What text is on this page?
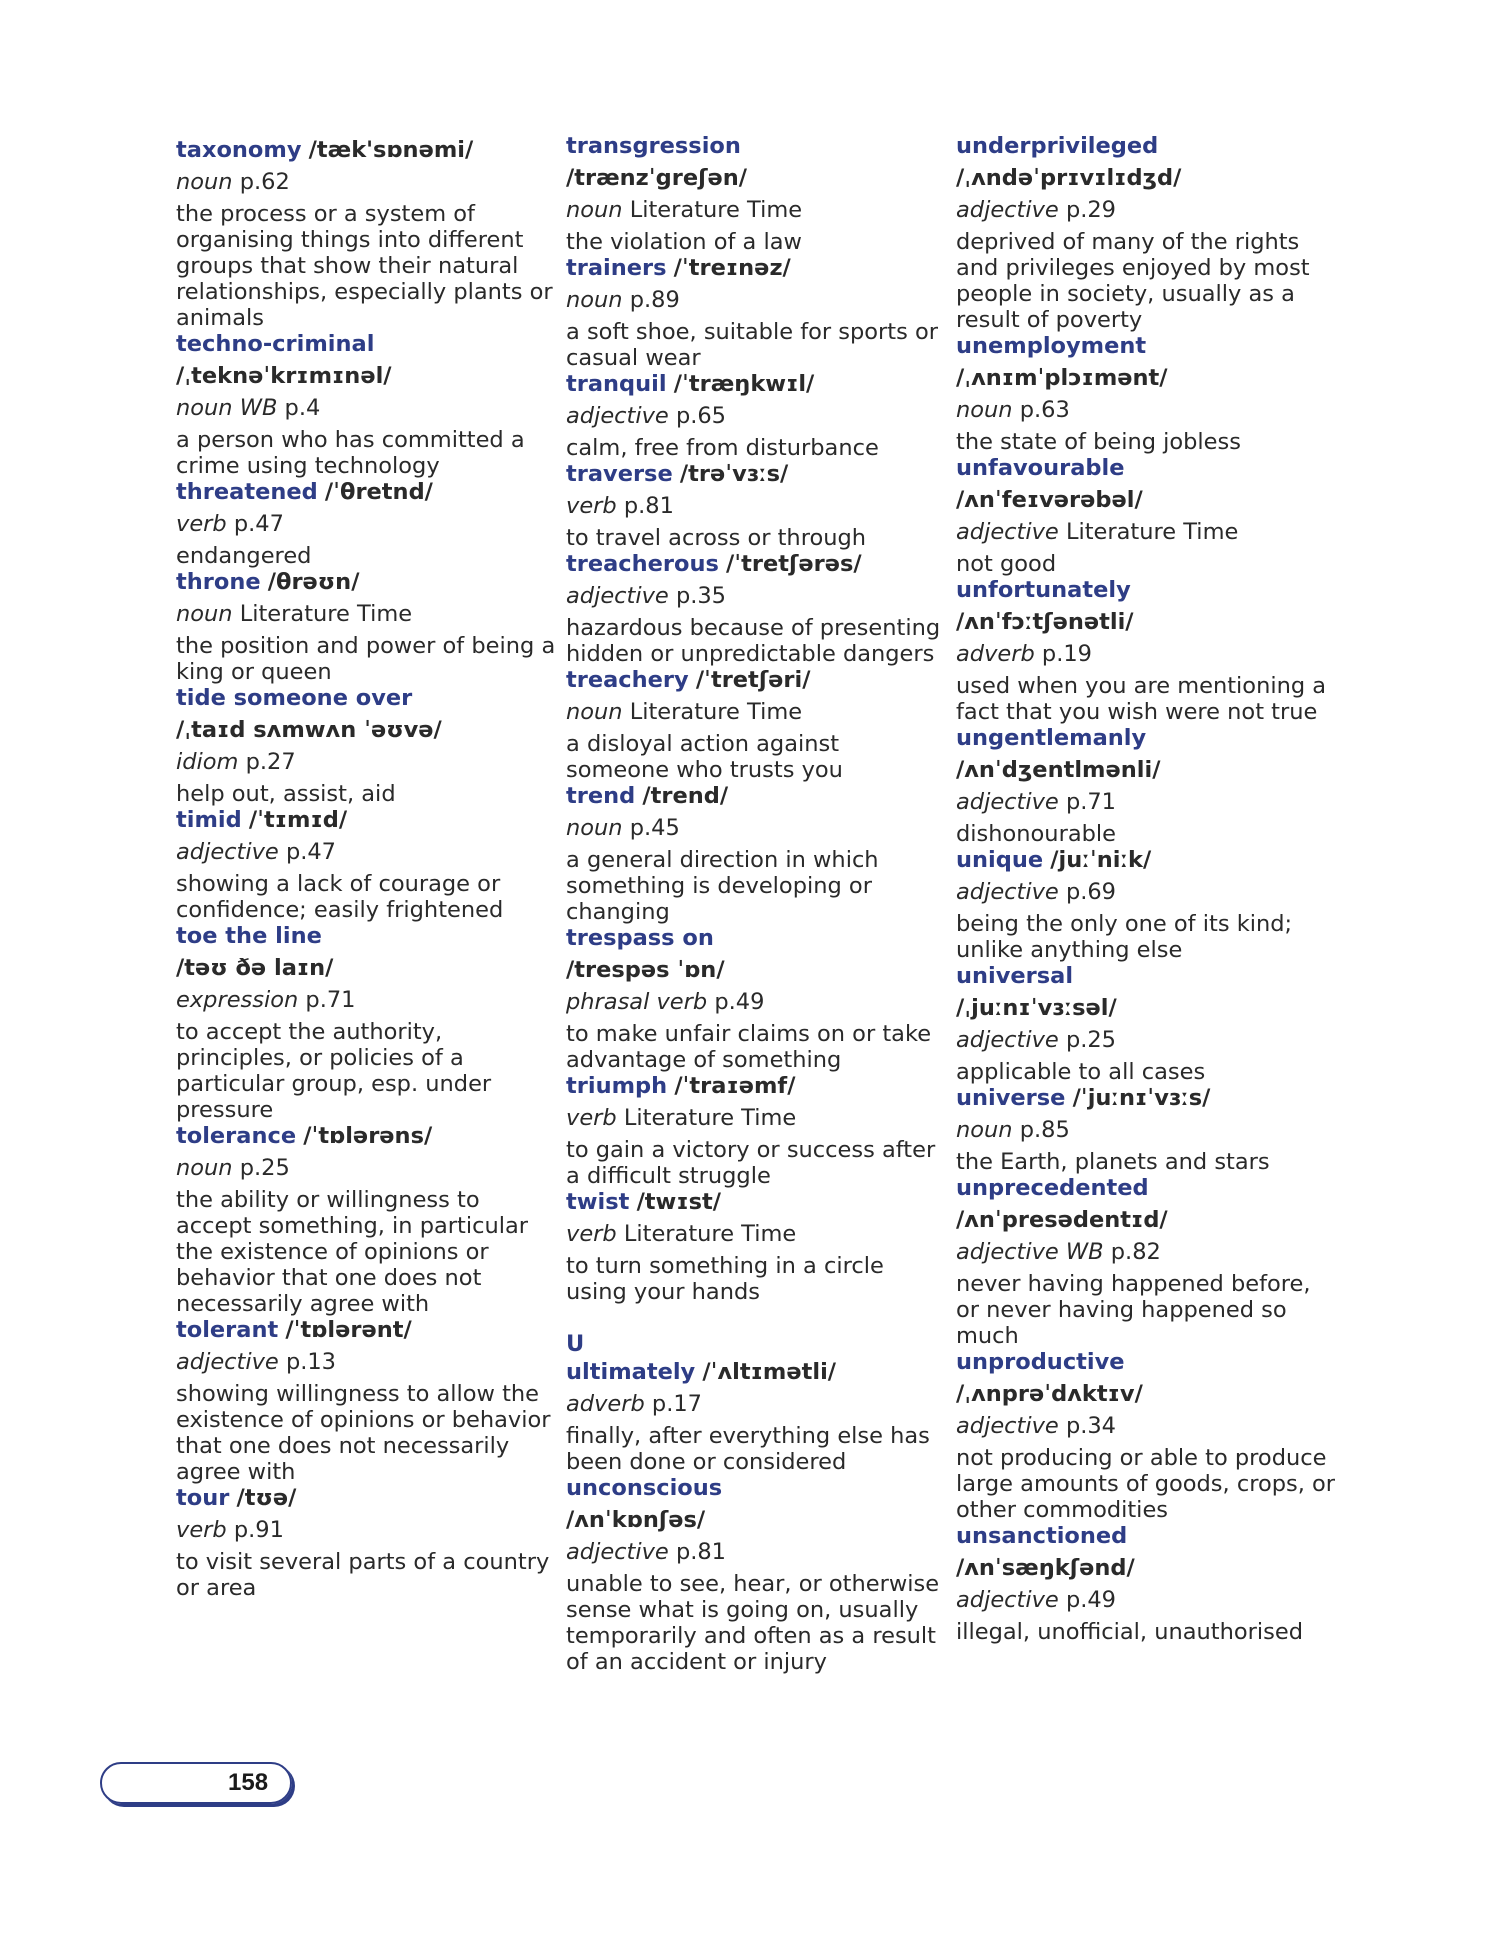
taxonomy /tæk'sɒnəmi/
noun p.62
the process or a system of organising things into different groups that show their natural relationships, especially plants or animals
techno-criminal
/ˌteknəˈkrɪmɪnəl/
noun WB p.4
a person who has committed a crime using technology
threatened /ˈθretnd/
verb p.47
endangered
throne /θrəʊn/
noun Literature Time
the position and power of being a king or queen
tide someone over
/ˌtaɪd sʌmwʌn ˈəʊvə/
idiom p.27
help out, assist, aid
timid /ˈtɪmɪd/
adjective p.47
showing a lack of courage or confidence; easily frightened
toe the line
/təʊ ðə laɪn/
expression p.71
to accept the authority, principles, or policies of a particular group, esp. under pressure
tolerance /ˈtɒlərəns/
noun p.25
the ability or willingness to accept something, in particular the existence of opinions or behavior that one does not necessarily agree with
tolerant /ˈtɒlərənt/
adjective p.13
showing willingness to allow the existence of opinions or behavior that one does not necessarily agree with
tour /tʊə/
verb p.91
to visit several parts of a country or area
transgression
/trænzˈgreʃən/
noun Literature Time
the violation of a law
trainers /ˈtreɪnəz/
noun p.89
a soft shoe, suitable for sports or casual wear
tranquil /ˈtræŋkwɪl/
adjective p.65
calm, free from disturbance
traverse /trəˈvɜːs/
verb p.81
to travel across or through
treacherous /ˈtretʃərəs/
adjective p.35
hazardous because of presenting hidden or unpredictable dangers
treachery /ˈtretʃəri/
noun Literature Time
a disloyal action against someone who trusts you
trend /trend/
noun p.45
a general direction in which something is developing or changing
trespass on
/trespəs ˈɒn/
phrasal verb p.49
to make unfair claims on or take advantage of something
triumph /ˈtraɪəmf/
verb Literature Time
to gain a victory or success after a difficult struggle
twist /twɪst/
verb Literature Time
to turn something in a circle using your hands
U
ultimately /ˈʌltɪmətli/
adverb p.17
finally, after everything else has been done or considered
unconscious
/ʌnˈkɒnʃəs/
adjective p.81
unable to see, hear, or otherwise sense what is going on, usually temporarily and often as a result of an accident or injury
underprivileged
/ˌʌndəˈprɪvɪlɪdʒd/
adjective p.29
deprived of many of the rights and privileges enjoyed by most people in society, usually as a result of poverty
unemployment
/ˌʌnɪmˈplɔɪmənt/
noun p.63
the state of being jobless
unfavourable
/ʌnˈfeɪvərəbəl/
adjective Literature Time
not good
unfortunately
/ʌnˈfɔːtʃənətli/
adverb p.19
used when you are mentioning a fact that you wish were not true
ungentlemanly
/ʌnˈdʒentlmənli/
adjective p.71
dishonourable
unique /juːˈniːk/
adjective p.69
being the only one of its kind; unlike anything else
universal
/ˌjuːnɪˈvɜːsəl/
adjective p.25
applicable to all cases
universe /ˈjuːnɪˈvɜːs/
noun p.85
the Earth, planets and stars
unprecedented
/ʌnˈpresədentɪd/
adjective WB p.82
never having happened before, or never having happened so much
unproductive
/ˌʌnprəˈdʌktɪv/
adjective p.34
not producing or able to produce large amounts of goods, crops, or other commodities
unsanctioned
/ʌnˈsæŋkʃənd/
adjective p.49
illegal, unofficial, unauthorised
158
